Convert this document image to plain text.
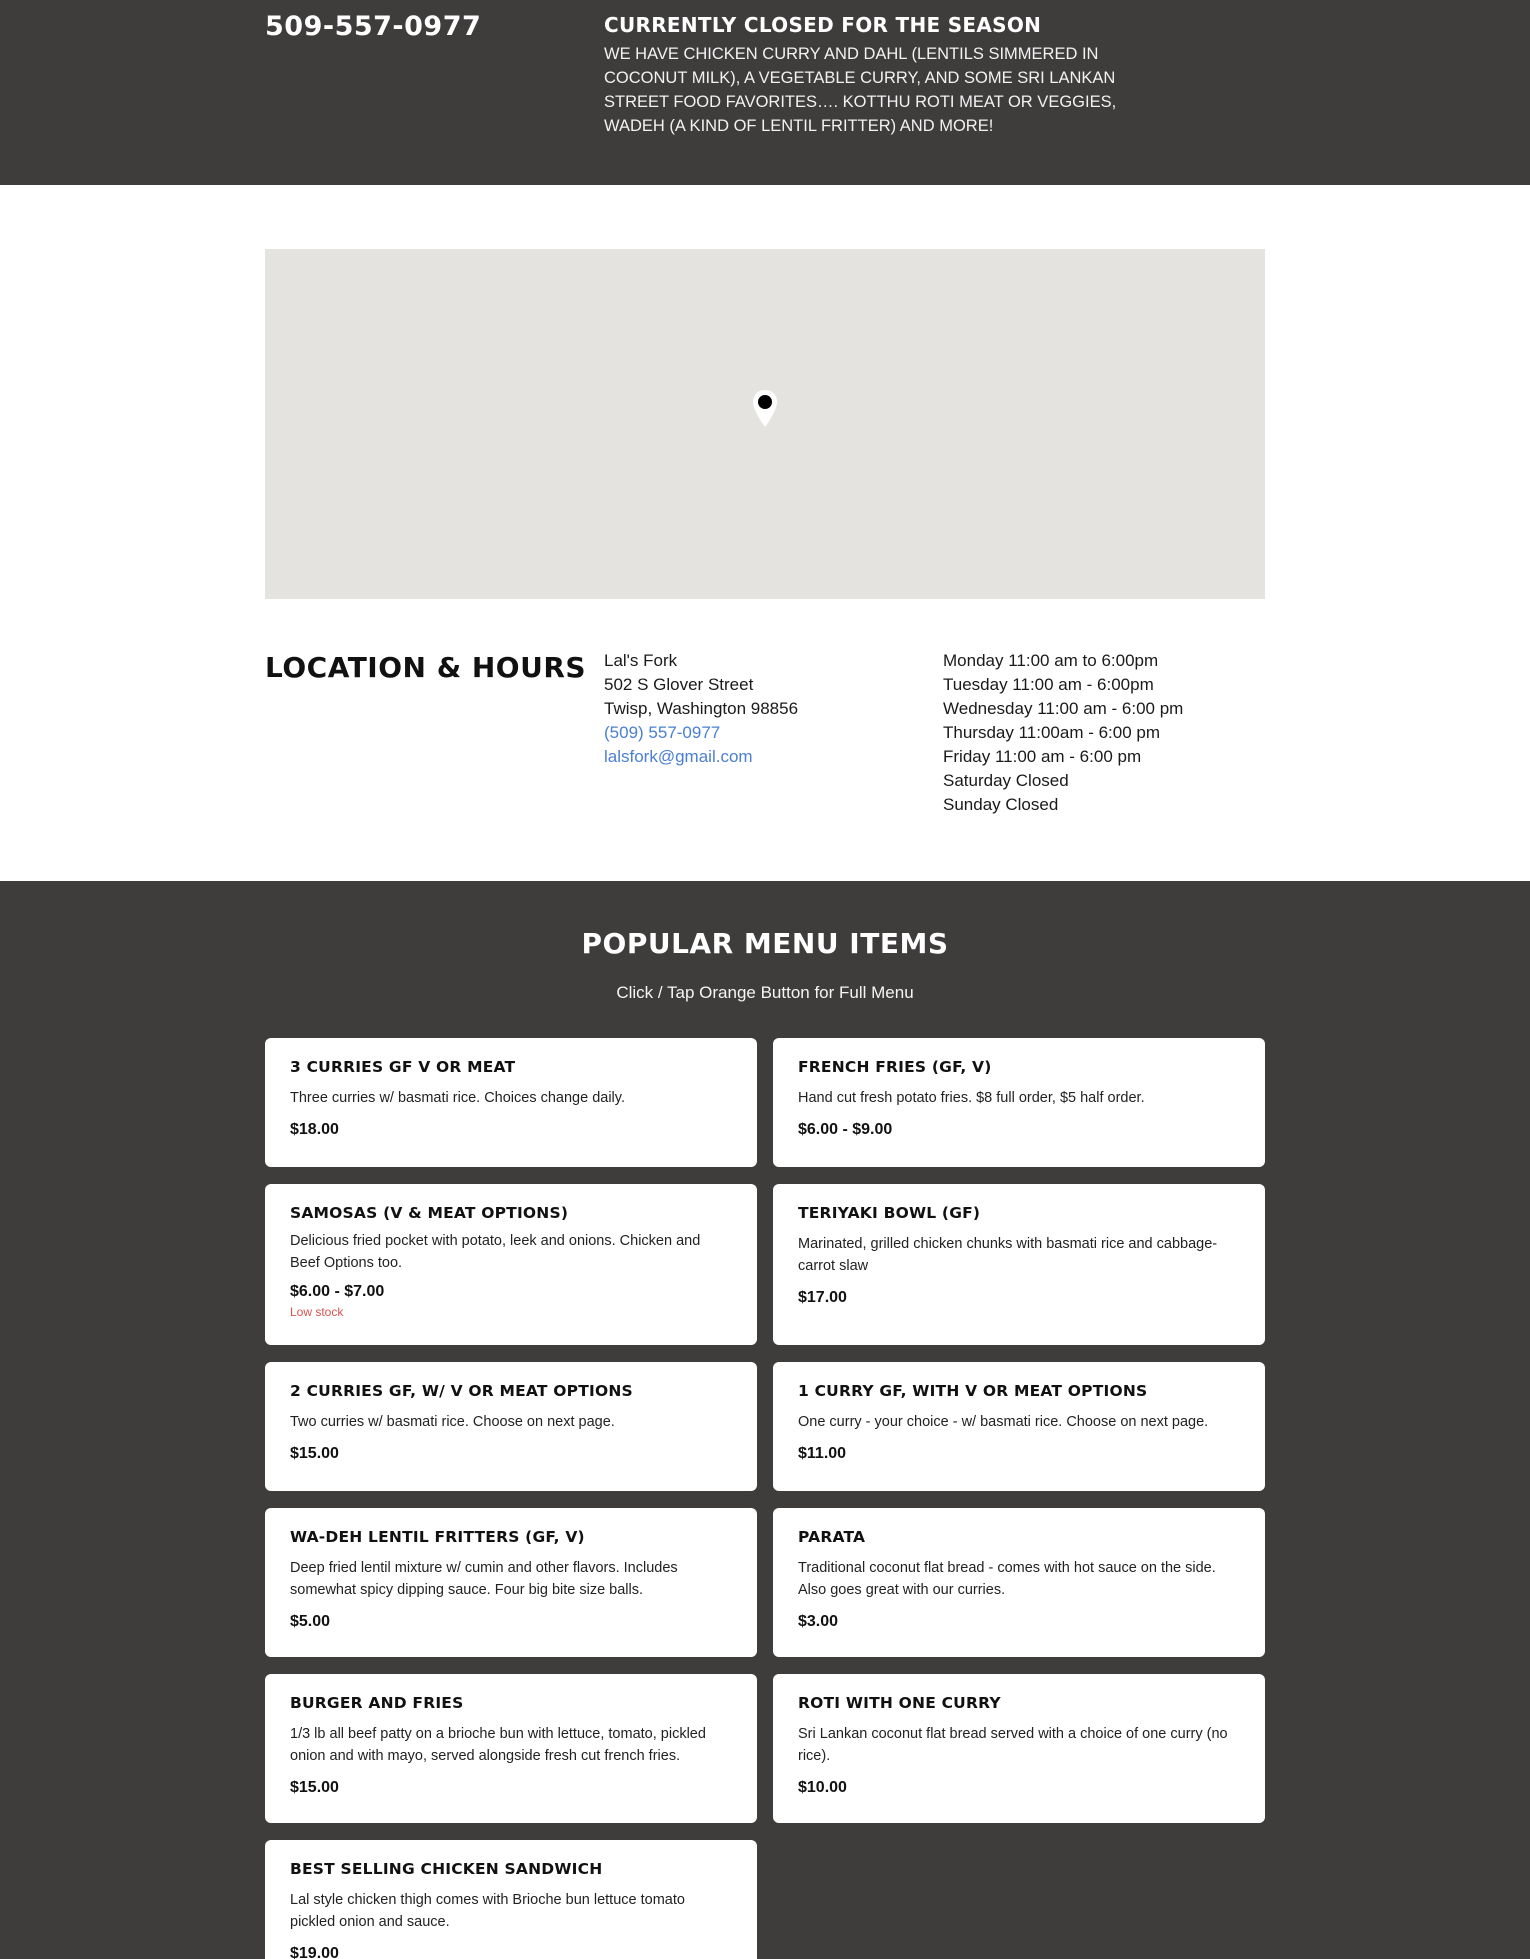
509-557-0977	CURRENTLY CLOSED FOR THE SEASON
WE HAVE CHICKEN CURRY AND DAHL (LENTILS SIMMERED IN COCONUT MILK), A VEGETABLE CURRY, AND SOME SRI LANKAN STREET FOOD FAVORITES…. KOTTHU ROTI MEAT OR VEGGIES, WADEH (A KIND OF LENTIL FRITTER) AND MORE!
LOCATION & HOURS Lal's Fork
502 S Glover Street
Twisp, Washington 98856
(509) 557-0977
lalsfork@gmail.com
Monday 11:00 am to 6:00pm
Tuesday 11:00 am - 6:00pm
Wednesday 11:00 am - 6:00 pm
Thursday 11:00am - 6:00 pm
Friday 11:00 am - 6:00 pm
Saturday Closed
Sunday Closed
POPULAR MENU ITEMS
Click / Tap Orange Button for Full Menu
3 CURRIES GF V OR MEAT
Three curries w/ basmati rice. Choices change daily.
$18.00
FRENCH FRIES (GF, V)
Hand cut fresh potato fries. $8 full order, $5 half order.
$6.00 - $9.00
SAMOSAS (V & MEAT OPTIONS)
Delicious fried pocket with potato, leek and onions. Chicken and Beef Options too.
$6.00 - $7.00
Low stock
TERIYAKI BOWL (GF)
Marinated, grilled chicken chunks with basmati rice and cabbage-carrot slaw
$17.00
2 CURRIES GF, W/ V OR MEAT OPTIONS
Two curries w/ basmati rice. Choose on next page.
$15.00
1 CURRY GF, WITH V OR MEAT OPTIONS
One curry - your choice - w/ basmati rice. Choose on next page.
$11.00
WA-DEH LENTIL FRITTERS (GF, V)
Deep fried lentil mixture w/ cumin and other flavors. Includes somewhat spicy dipping sauce. Four big bite size balls.
$5.00
PARATA
Traditional coconut flat bread - comes with hot sauce on the side. Also goes great with our curries.
$3.00
BURGER AND FRIES
1/3 lb all beef patty on a brioche bun with lettuce, tomato, pickled onion and with mayo, served alongside fresh cut french fries.
$15.00
ROTI WITH ONE CURRY
Sri Lankan coconut flat bread served with a choice of one curry (no rice).
$10.00
BEST SELLING CHICKEN SANDWICH
Lal style chicken thigh comes with Brioche bun lettuce tomato pickled onion and sauce.
$19.00
